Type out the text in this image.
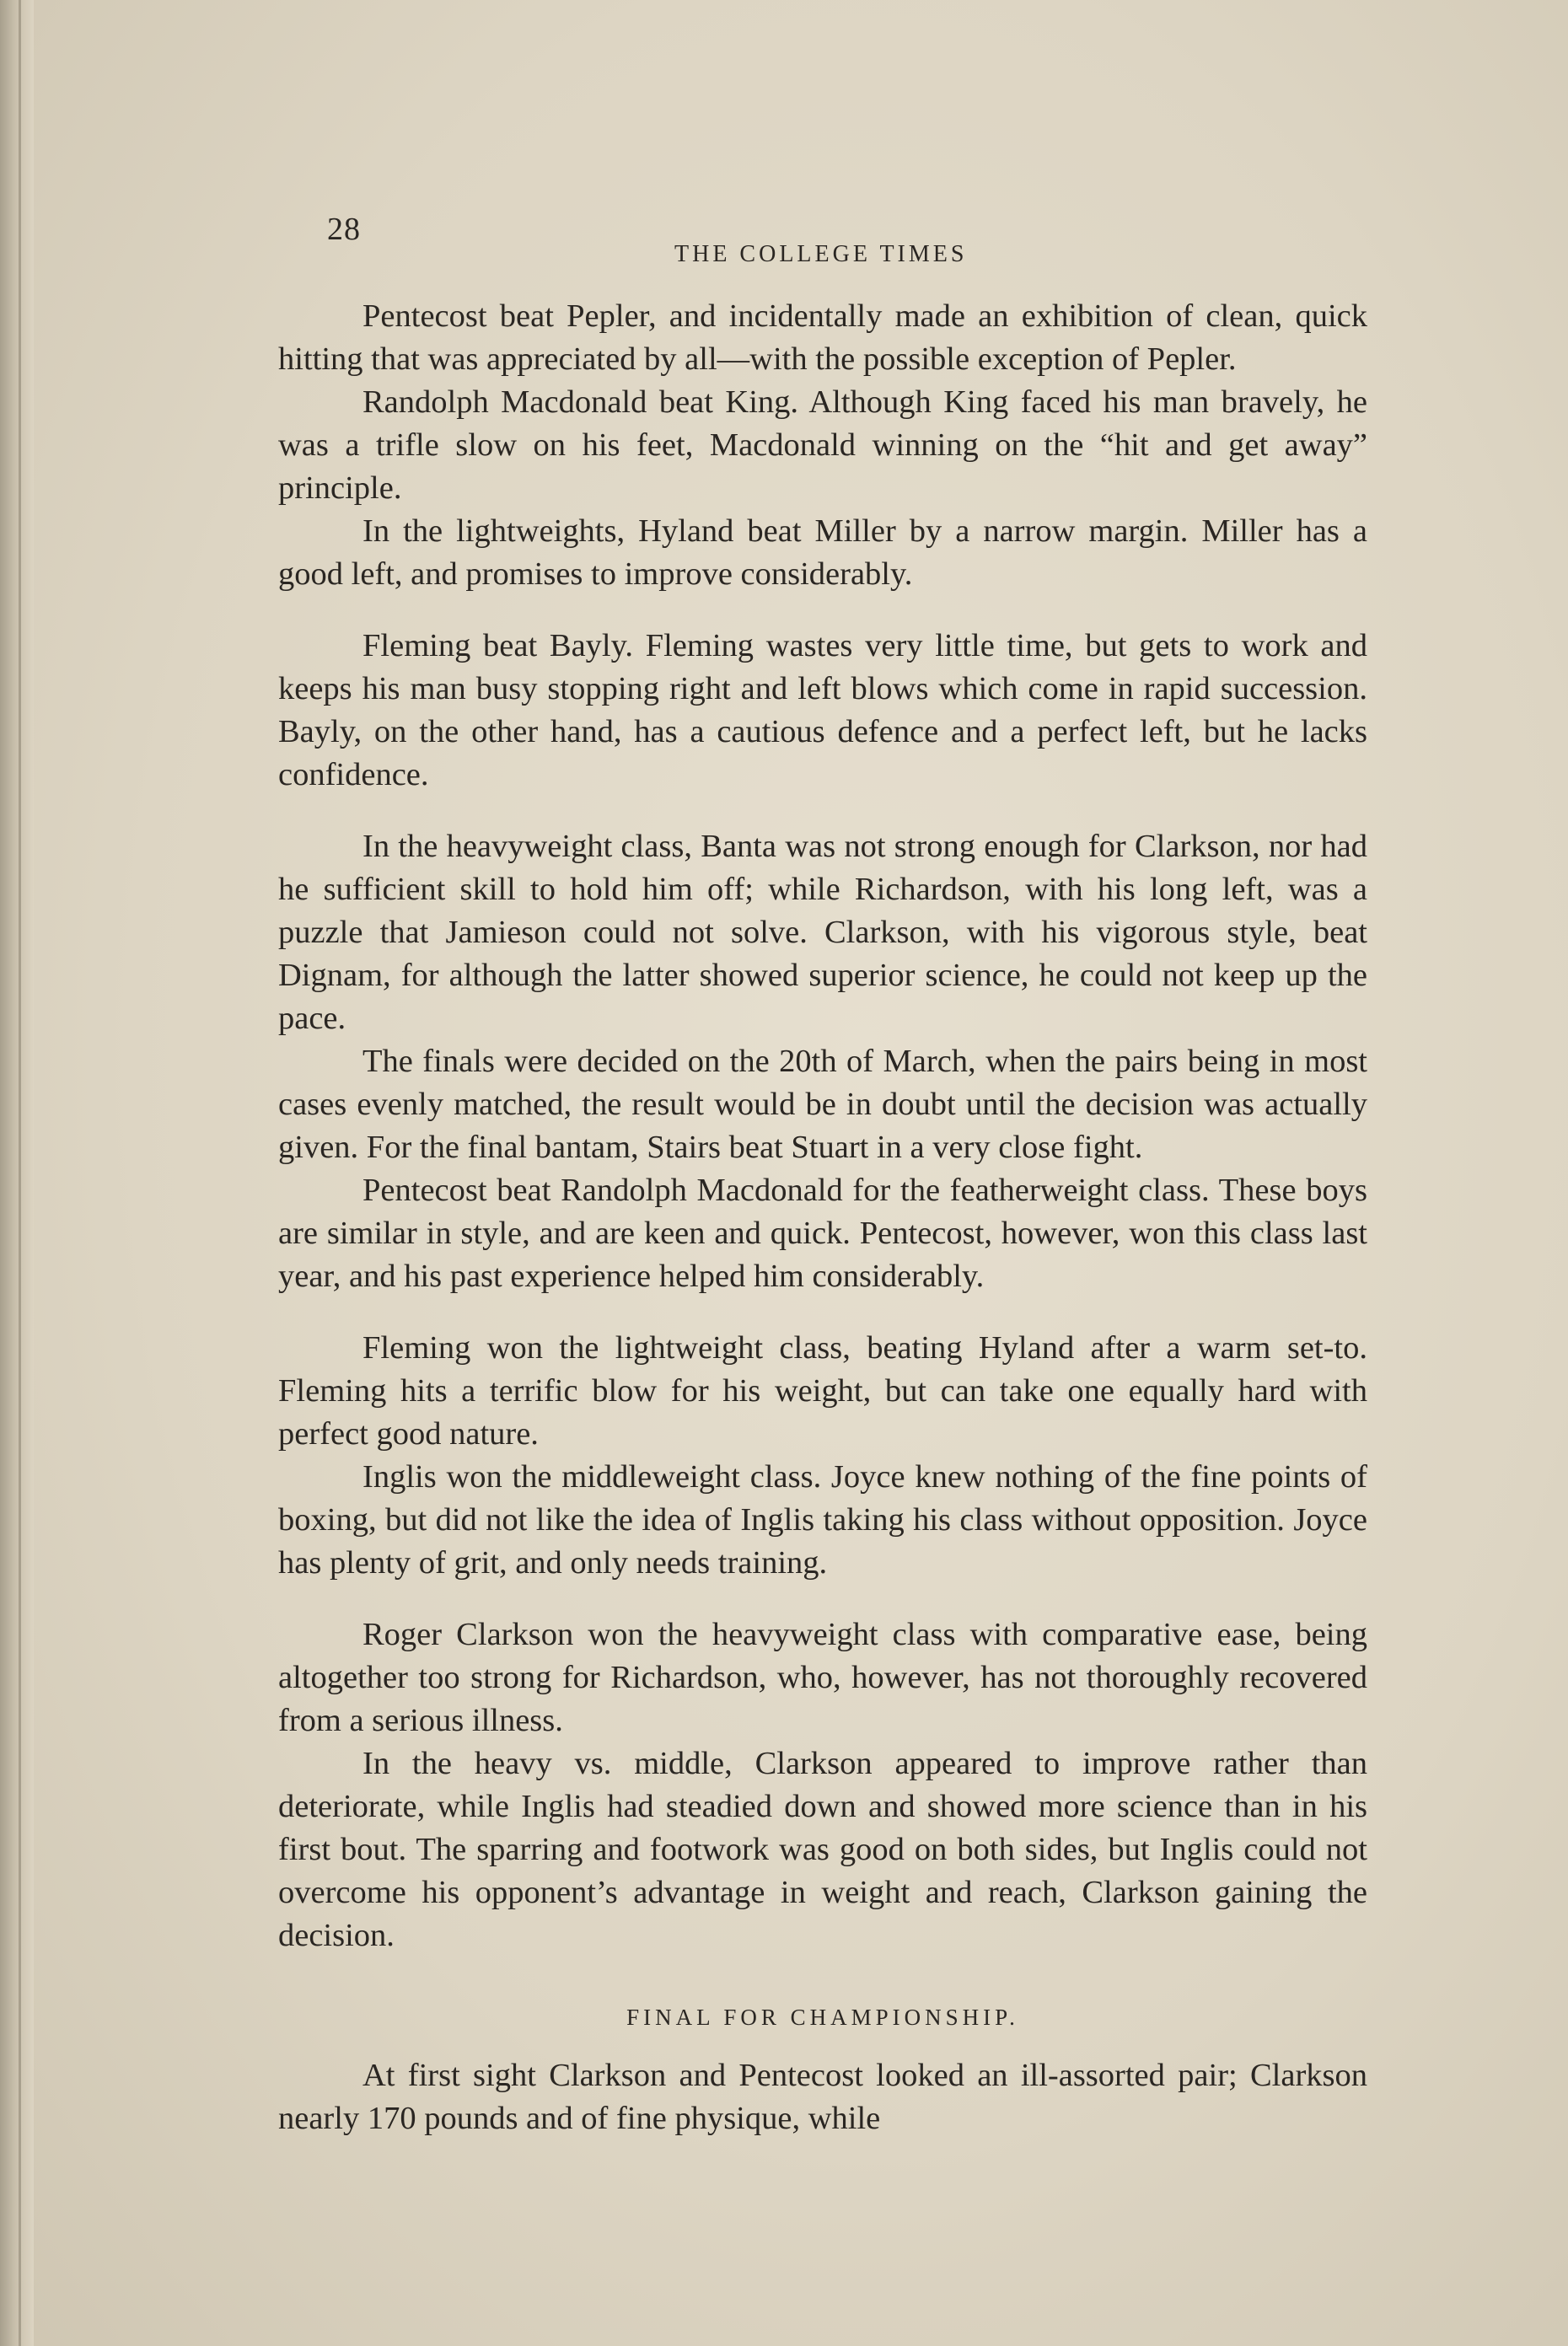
28
THE COLLEGE TIMES

Pentecost beat Pepler, and incidentally made an exhibition of clean, quick hitting that was appreciated by all—with the possible exception of Pepler.

Randolph Macdonald beat King. Although King faced his man bravely, he was a trifle slow on his feet, Macdonald winning on the “hit and get away” principle.

In the lightweights, Hyland beat Miller by a narrow margin. Miller has a good left, and promises to improve considerably.

Fleming beat Bayly. Fleming wastes very little time, but gets to work and keeps his man busy stopping right and left blows which come in rapid succession. Bayly, on the other hand, has a cautious defence and a perfect left, but he lacks confidence.

In the heavyweight class, Banta was not strong enough for Clarkson, nor had he sufficient skill to hold him off; while Richardson, with his long left, was a puzzle that Jamieson could not solve. Clarkson, with his vigorous style, beat Dignam, for although the latter showed superior science, he could not keep up the pace.

The finals were decided on the 20th of March, when the pairs being in most cases evenly matched, the result would be in doubt until the decision was actually given. For the final bantam, Stairs beat Stuart in a very close fight.

Pentecost beat Randolph Macdonald for the featherweight class. These boys are similar in style, and are keen and quick. Pentecost, however, won this class last year, and his past experience helped him considerably.

Fleming won the lightweight class, beating Hyland after a warm set-to. Fleming hits a terrific blow for his weight, but can take one equally hard with perfect good nature.

Inglis won the middleweight class. Joyce knew nothing of the fine points of boxing, but did not like the idea of Inglis taking his class without opposition. Joyce has plenty of grit, and only needs training.

Roger Clarkson won the heavyweight class with comparative ease, being altogether too strong for Richardson, who, however, has not thoroughly recovered from a serious illness.

In the heavy vs. middle, Clarkson appeared to improve rather than deteriorate, while Inglis had steadied down and showed more science than in his first bout. The sparring and footwork was good on both sides, but Inglis could not overcome his opponent’s advantage in weight and reach, Clarkson gaining the decision.

FINAL FOR CHAMPIONSHIP.

At first sight Clarkson and Pentecost looked an ill-assorted pair; Clarkson nearly 170 pounds and of fine physique, while
